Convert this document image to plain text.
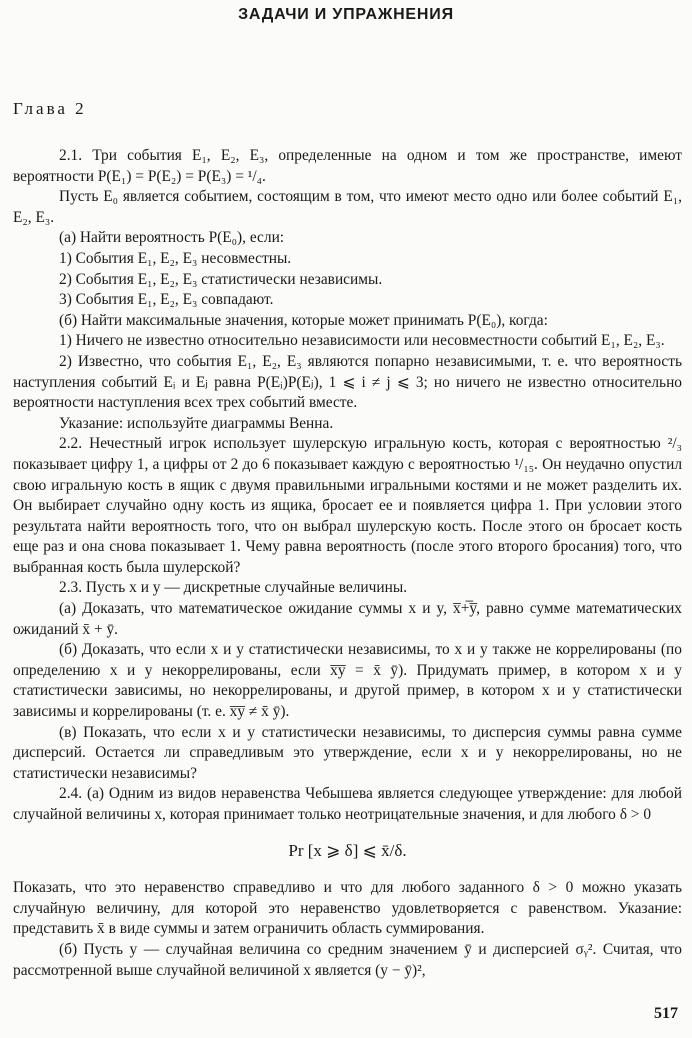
ЗАДАЧИ И УПРАЖНЕНИЯ
Глава 2

2.1. Три события E₁, E₂, E₃, определенные на одном и том же пространстве, имеют вероятности P(E₁) = P(E₂) = P(E₃) = ¹/₄.

Пусть E₀ является событием, состоящим в том, что имеют место одно или более событий E₁, E₂, E₃.

(а) Найти вероятность P(E₀), если:

1) События E₁, E₂, E₃ несовместны.

2) События E₁, E₂, E₃ статистически независимы.

3) События E₁, E₂, E₃ совпадают.

(б) Найти максимальные значения, которые может принимать P(E₀), когда:

1) Ничего не известно относительно независимости или несовместности событий E₁, E₂, E₃.

2) Известно, что события E₁, E₂, E₃ являются попарно независимыми, т. е. что вероятность наступления событий Eᵢ и Eⱼ равна P(Eᵢ)P(Eⱼ), 1 ⩽ i ≠ j ⩽ 3; но ничего не известно относительно вероятности наступления всех трех событий вместе.

Указание: используйте диаграммы Венна.

2.2. Нечестный игрок использует шулерскую игральную кость, которая с вероятностью ²/₃ показывает цифру 1, а цифры от 2 до 6 показывает каждую с вероятностью ¹/₁₅. Он неудачно опустил свою игральную кость в ящик с двумя правильными игральными костями и не может разделить их. Он выбирает случайно одну кость из ящика, бросает ее и появляется цифра 1. При условии этого результата найти вероятность того, что он выбрал шулерскую кость. После этого он бросает кость еще раз и она снова показывает 1. Чему равна вероятность (после этого второго бросания) того, что выбранная кость была шулерской?

2.3. Пусть x и y — дискретные случайные величины.

(а) Доказать, что математическое ожидание суммы x и y, x̅+̅y̅, равно сумме математических ожиданий x̄ + ȳ.

(б) Доказать, что если x и y статистически независимы, то x и y также не коррелированы (по определению x и y некоррелированы, если x̅y̅ = x̄ ȳ). Придумать пример, в котором x и y статистически зависимы, но некоррелированы, и другой пример, в котором x и y статистически зависимы и коррелированы (т. е. x̅y̅ ≠ x̄ ȳ).

(в) Показать, что если x и y статистически независимы, то дисперсия суммы равна сумме дисперсий. Остается ли справедливым это утверждение, если x и y некоррелированы, но не статистически независимы?

2.4. (а) Одним из видов неравенства Чебышева является следующее утверждение: для любой случайной величины x, которая принимает только неотрицательные значения, и для любого δ > 0

Pr [x ⩾ δ] ⩽ x̄/δ.

Показать, что это неравенство справедливо и что для любого заданного δ > 0 можно указать случайную величину, для которой это неравенство удовлетворяется с равенством. Указание: представить x̄ в виде суммы и затем ограничить область суммирования.

(б) Пусть y — случайная величина со средним значением ȳ и дисперсией σᵧ². Считая, что рассмотренной выше случайной величиной x является (y − ȳ)²,

517
